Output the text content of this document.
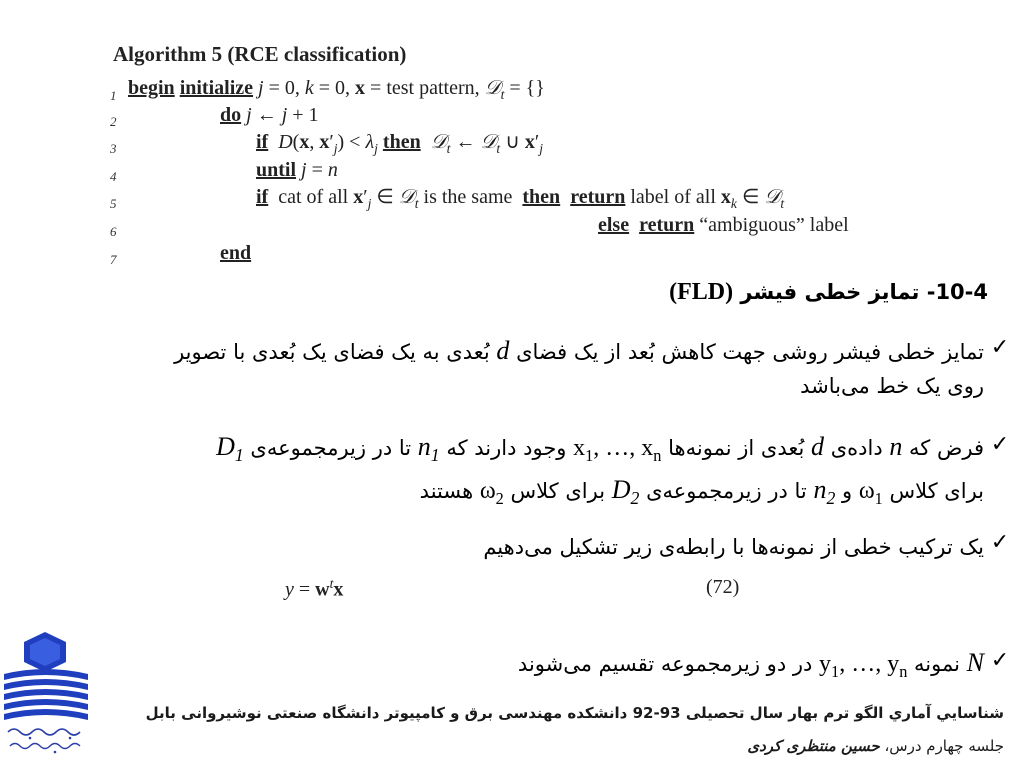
Algorithm 5 (RCE classification)
1 begin initialize j = 0, k = 0, x = test pattern, 𝒟$_t$ = {}
2	do j ← j + 1
3	if D(x, $x'_j) < \lambda_j$ then 𝒟$_t$ ← 𝒟$_t$ ∪ $x'_j$
4	until j = n
5	if cat of all $x'_j$ ∈ 𝒟$_t$ is the same then return label of all $x_k$ ∈ 𝒟$_t$
6	else return “ambiguous” label
7	end
10-4- تمایز خطی فیشر (FLD)
✓
تمایز خطی فیشر روشی جهت کاهش بُعد از یک فضای d بُعدی به یک فضای یک بُعدی با تصویر
روی یک خط می‌باشد
✓
فرض که n داده‌ی d بُعدی از نمونه‌ها $x_1$, …, $x_n$ وجود دارند که $n_1$ تا در زیرمجموعه‌ی $D_1$
برای کلاس $\omega_1$ و $n_2$ تا در زیرمجموعه‌ی $D_2$ برای کلاس $\omega_2$ هستند
✓
یک ترکیب خطی از نمونه‌ها با رابطه‌ی زیر تشکیل می‌دهیم
$y = w^tx$	(72)
✓
N نمونه $y_1$, …, $y_n$ در دو زیرمجموعه تقسیم می‌شوند
شناسايي آماري الگو ترم بهار سال تحصیلی 93-92 دانشکده مهندسی برق و کامپیوتر دانشگاه صنعتی نوشیروانی بابل
جلسه چهارم درس، حسین منتظری کردی
